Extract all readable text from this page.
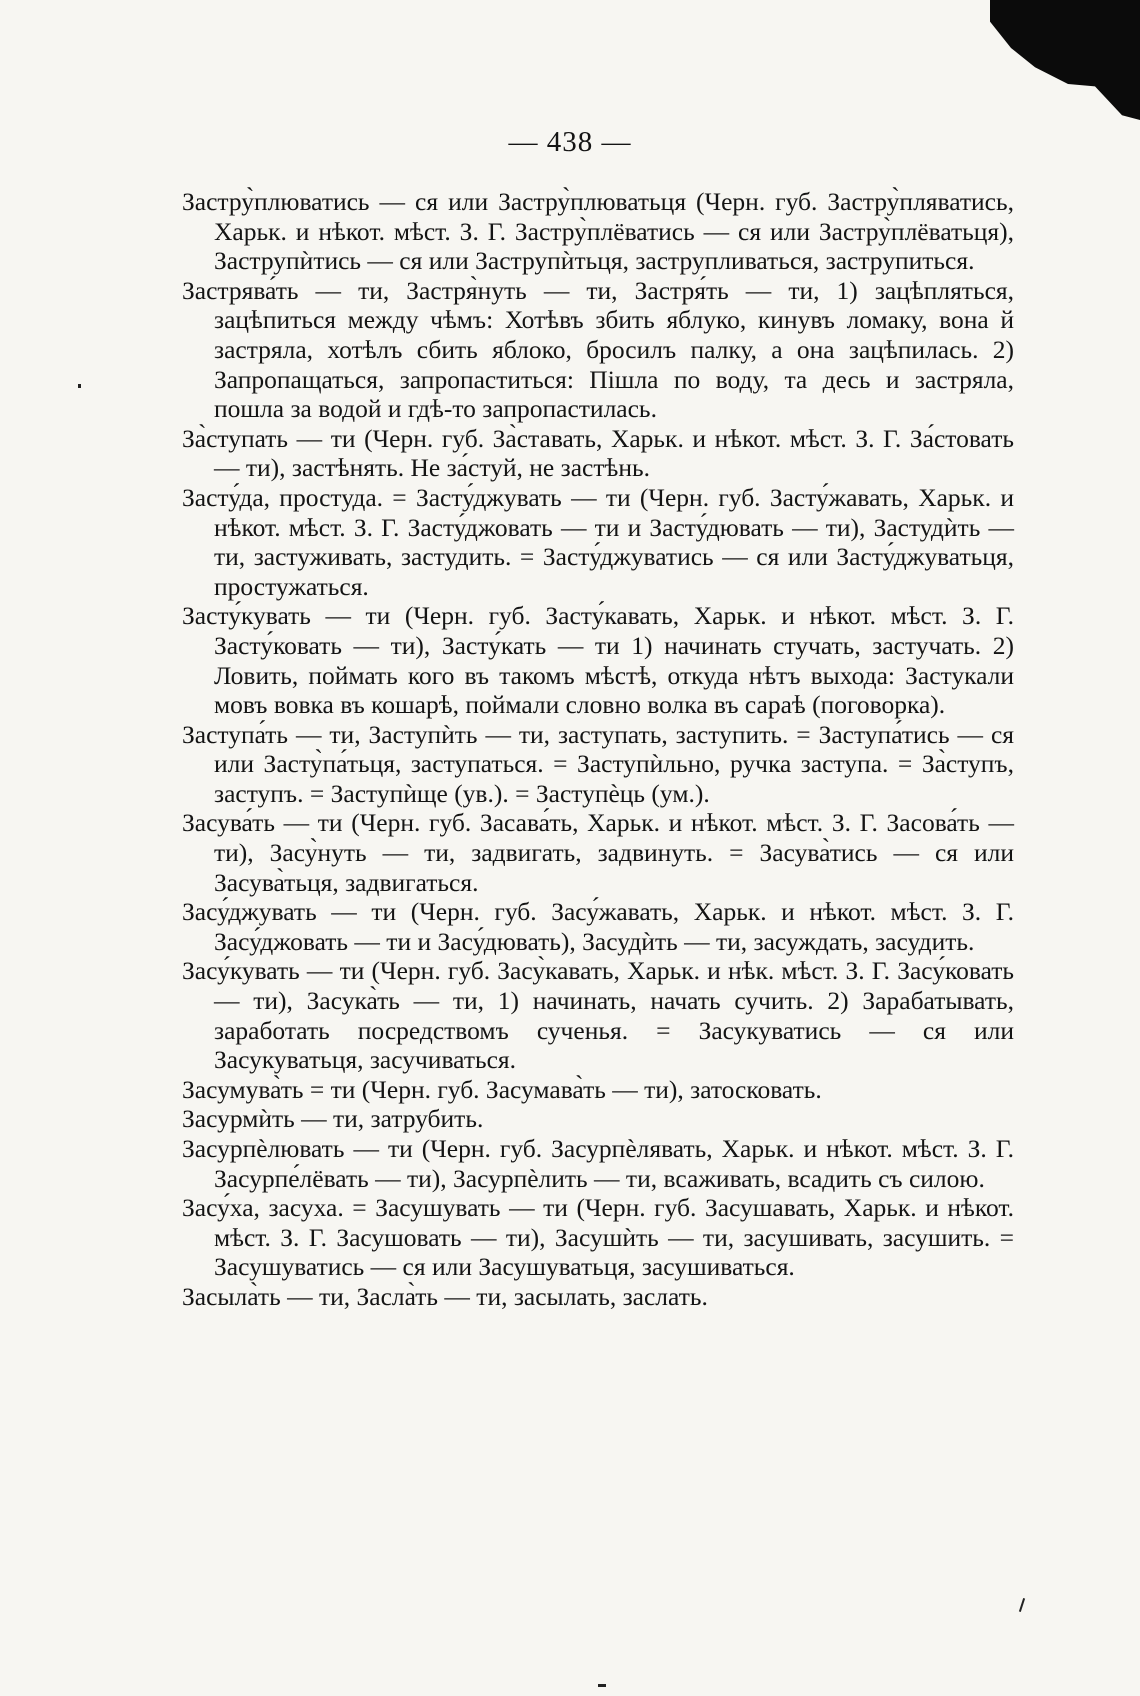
— 438 —

Застру̀плюватись — ся или Застру̀плюватьця (Черн. губ. Застру̀пляватись, Харьк. и нѣкот. мѣст. З. Г. Застру̀плёватись — ся или Застру̀плёватьця), Заструпѝтись — ся или Заструпѝтьця, заструпливаться, заструпиться.

Застрява́ть — ти, Застря̀нуть — ти, Застря́ть — ти, 1) зацѣпляться, зацѣпиться между чѣмъ: Хотѣвъ збить яблуко, кинувъ ломаку, вона й застряла, хотѣлъ сбить яблоко, бросилъ палку, а она зацѣпилась. 2) Запропащаться, запропаститься: Пішла по воду, та десь и застряла, пошла за водой и гдѣ-то запропастилась.

За̀ступать — ти (Черн. губ. За̀ставать, Харьк. и нѣкот. мѣст. З. Г. За́стовать — ти), застѣнять. Не за́стуй, не застѣнь.

Засту́да, простуда. = Засту́джувать — ти (Черн. губ. Засту́жавать, Харьк. и нѣкот. мѣст. З. Г. Засту́джовать — ти и Засту́дювать — ти), Застудѝть — ти, застуживать, застудить. = Засту́джуватись — ся или Засту́джуватьця, простужаться.

Засту́кувать — ти (Черн. губ. Засту́кавать, Харьк. и нѣкот. мѣст. З. Г. Засту́ковать — ти), Засту́кать — ти 1) начинать стучать, застучать. 2) Ловить, поймать кого въ такомъ мѣстѣ, откуда нѣтъ выхода: Застукали мовъ вовка въ кошарѣ, поймали словно волка въ сараѣ (поговорка).

Заступа́ть — ти, Заступѝть — ти, заступать, заступить. = Заступа́тись — ся или Засту̀па́тьця, заступаться. = Заступѝльно, ручка заступа. = За̀ступъ, заступъ. = Заступѝще (ув.). = Заступѐць (ум.).

Засува́ть — ти (Черн. губ. Засава́ть, Харьк. и нѣкот. мѣст. З. Г. Засова́ть — ти), Засу̀нуть — ти, задвигать, задвинуть. = Засува̀тись — ся или Засува̀тьця, задвигаться.

Засу́джувать — ти (Черн. губ. Засу́жавать, Харьк. и нѣкот. мѣст. З. Г. Засу́джовать — ти и Засу́дювать), Засудѝть — ти, засуждать, засудить.

Засу́кувать — ти (Черн. губ. Засу̀кавать, Харьк. и нѣк. мѣст. З. Г. Засу́ковать — ти), Засука̀ть — ти, 1) начинать, начать сучить. 2) Зарабатывать, заработать посредствомъ сученья. = Засукуватись — ся или Засукуватьця, засучиваться.

Засумува̀ть = ти (Черн. губ. Засумава̀ть — ти), затосковать.

Засурмѝть — ти, затрубить.

Засурпѐлювать — ти (Черн. губ. Засурпѐлявать, Харьк. и нѣкот. мѣст. З. Г. Засурпе́лёвать — ти), Засурпѐлить — ти, всаживать, всадить съ силою.

Засу́ха, засуха. = Засушувать — ти (Черн. губ. Засушавать, Харьк. и нѣкот. мѣст. З. Г. Засушовать — ти), Засушѝть — ти, засушивать, засушить. = Засушуватись — ся или Засушуватьця, засушиваться.

Засыла̀ть — ти, Засла̀ть — ти, засылать, заслать.
